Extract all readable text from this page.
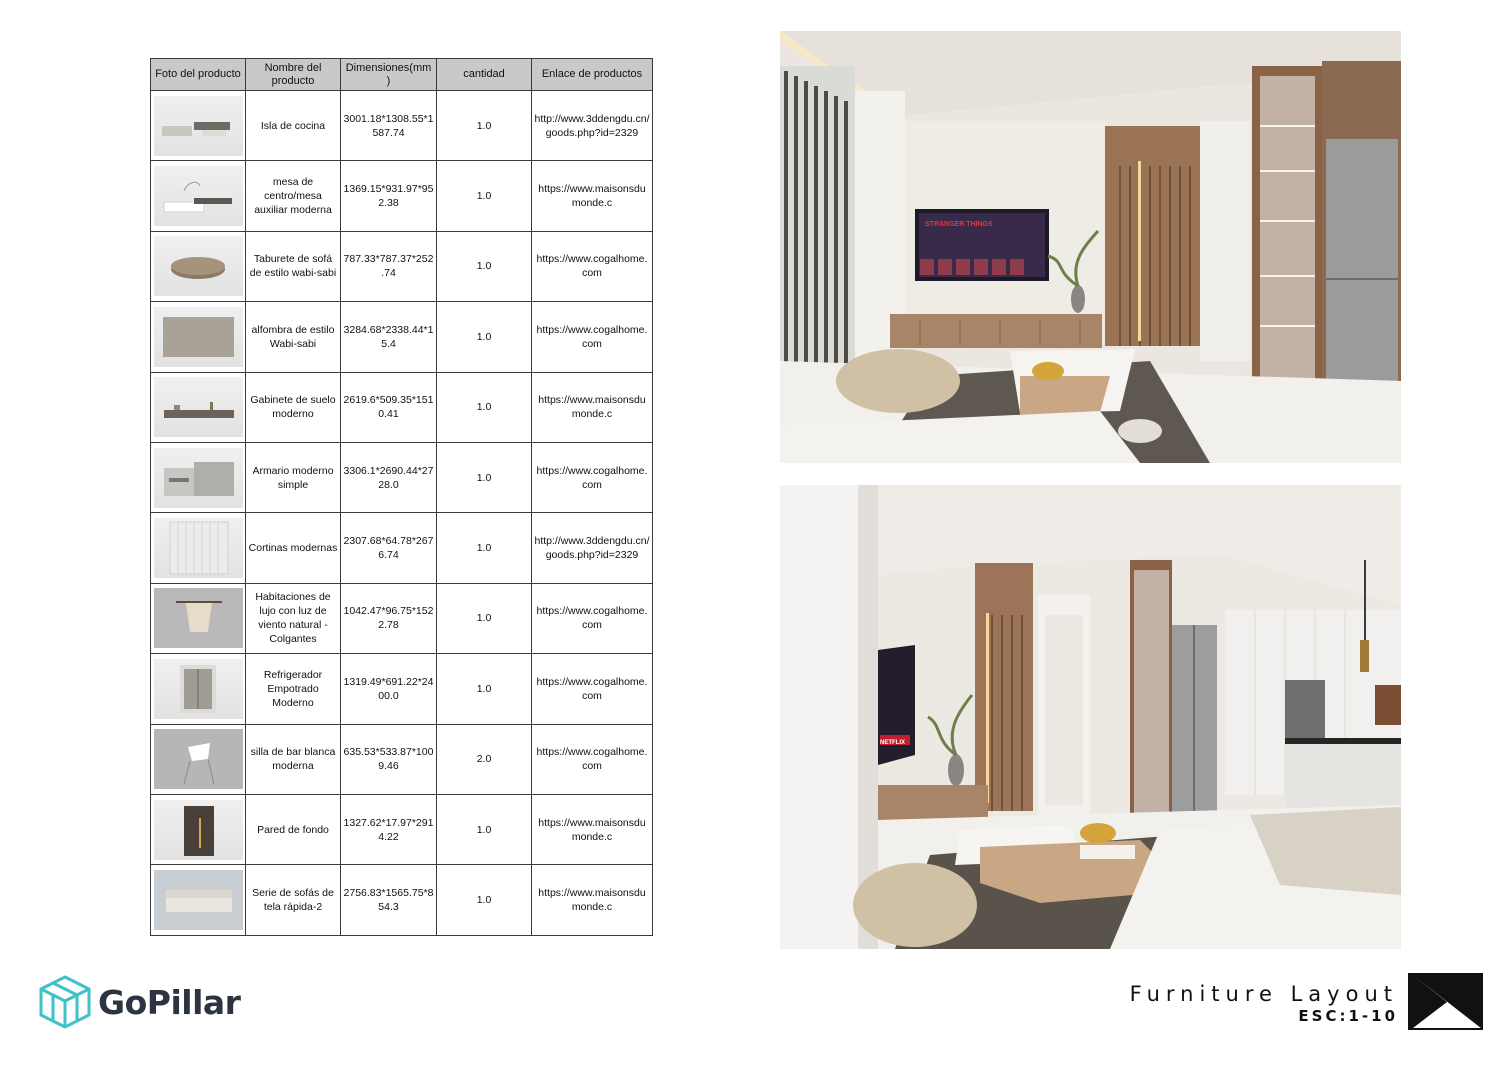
Foto del producto	Nombre del producto	Dimensiones(mm )	cantidad	Enlace de productos

	Isla de cocina	3001.18*1308.55*1587.74	1.0	http://www.3ddengdu.cn/goods.php?id=2329

	mesa de centro/mesa auxiliar moderna	1369.15*931.97*952.38	1.0	https://www.maisonsdumonde.c

	Taburete de sofá de estilo wabi-sabi	787.33*787.37*252.74	1.0	https://www.cogalhome.com

	alfombra de estilo Wabi-sabi	3284.68*2338.44*15.4	1.0	https://www.cogalhome.com

	Gabinete de suelo moderno	2619.6*509.35*1510.41	1.0	https://www.maisonsdumonde.c

	Armario moderno simple	3306.1*2690.44*2728.0	1.0	https://www.cogalhome.com

	Cortinas modernas	2307.68*64.78*2676.74	1.0	http://www.3ddengdu.cn/goods.php?id=2329

	Habitaciones de lujo con luz de viento natural - Colgantes	1042.47*96.75*1522.78	1.0	https://www.cogalhome.com

	Refrigerador Empotrado Moderno	1319.49*691.22*2400.0	1.0	https://www.cogalhome.com

	silla de bar blanca moderna	635.53*533.87*1009.46	2.0	https://www.cogalhome.com

	Pared de fondo	1327.62*17.97*2914.22	1.0	https://www.maisonsdumonde.c

	Serie de sofás de tela rápida-2	2756.83*1565.75*854.3	1.0	https://www.maisonsdumonde.c
STRANGER THINGS
NETFLIX
GoPillar	Furniture Layout
ESC:1-10
